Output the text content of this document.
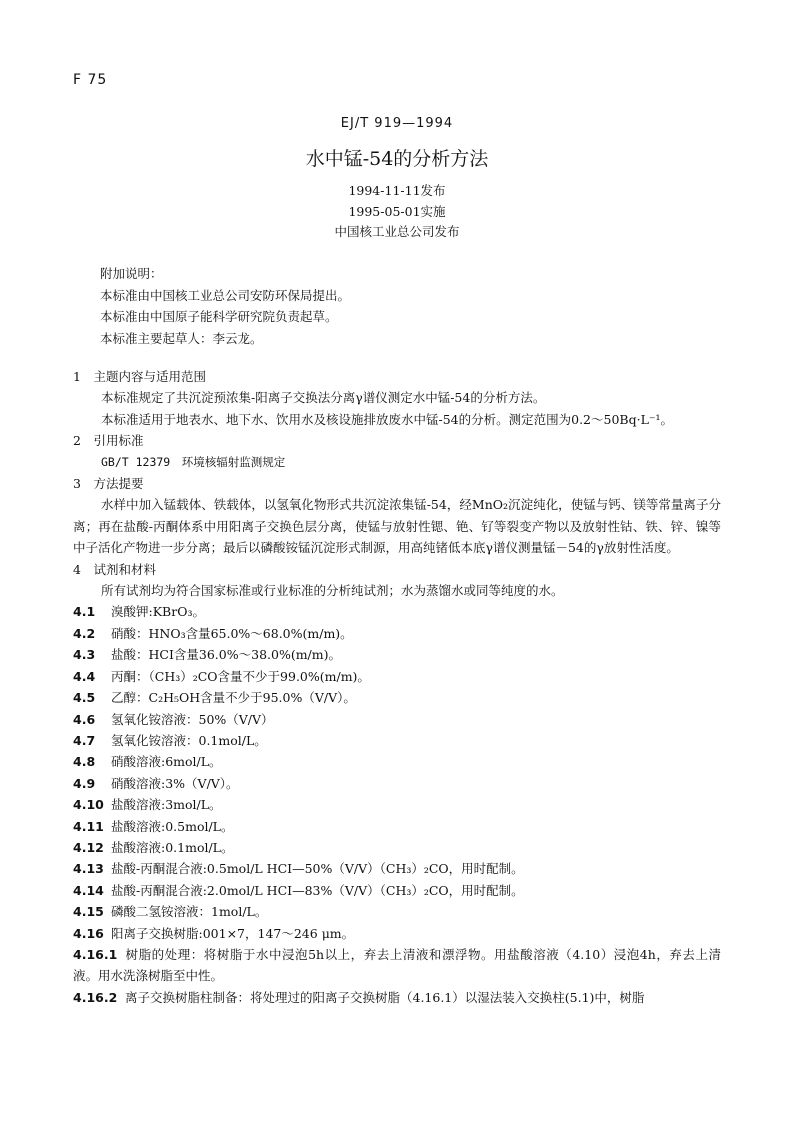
F 75
EJ/T 919—1994
水中锰-54的分析方法
1994-11-11发布
1995-05-01实施
中国核工业总公司发布
附加说明：
本标准由中国核工业总公司安防环保局提出。
本标准由中国原子能科学研究院负责起草。
本标准主要起草人：李云龙。
1　主题内容与适用范围
本标准规定了共沉淀预浓集-阳离子交换法分离γ谱仪测定水中锰-54的分析方法。
本标准适用于地表水、地下水、饮用水及核设施排放废水中锰-54的分析。测定范围为0.2～50Bq·L⁻¹。
2　引用标准
GB/T 12379　环境核辐射监测规定
3　方法提要
水样中加入锰载体、铁载体，以氢氧化物形式共沉淀浓集锰-54，经MnO₂沉淀纯化，使锰与钙、镁等常量离子分离；再在盐酸-丙酮体系中用阳离子交换色层分离，使锰与放射性锶、铯、钌等裂变产物以及放射性钴、铁、锌、镍等中子活化产物进一步分离；最后以磷酸铵锰沉淀形式制源，用高纯锗低本底γ谱仪测量锰－54的γ放射性活度。
4　试剂和材料
所有试剂均为符合国家标准或行业标准的分析纯试剂；水为蒸馏水或同等纯度的水。
4.1 溴酸钾:KBrO₃。
4.2 硝酸：HNO₃含量65.0%～68.0%(m/m)。
4.3 盐酸：HCI含量36.0%～38.0%(m/m)。
4.4 丙酮：（CH₃）₂CO含量不少于99.0%(m/m)。
4.5 乙醇：C₂H₅OH含量不少于95.0%（V/V）。
4.6 氢氧化铵溶液：50%（V/V）
4.7 氢氧化铵溶液：0.1mol/L。
4.8 硝酸溶液:6mol/L。
4.9 硝酸溶液:3%（V/V）。
4.10 盐酸溶液:3mol/L。
4.11 盐酸溶液:0.5mol/L。
4.12 盐酸溶液:0.1mol/L。
4.13 盐酸-丙酮混合液:0.5mol/L HCI—50%（V/V）（CH₃）₂CO，用时配制。
4.14 盐酸-丙酮混合液:2.0mol/L HCI—83%（V/V）（CH₃）₂CO，用时配制。
4.15 磷酸二氢铵溶液：1mol/L。
4.16 阳离子交换树脂:001×7，147～246 μm。
4.16.1 树脂的处理：将树脂于水中浸泡5h以上，弃去上清液和漂浮物。用盐酸溶液（4.10）浸泡4h，弃去上清液。用水洗涤树脂至中性。
4.16.2 离子交换树脂柱制备：将处理过的阳离子交换树脂（4.16.1）以湿法装入交换柱(5.1)中，树脂
